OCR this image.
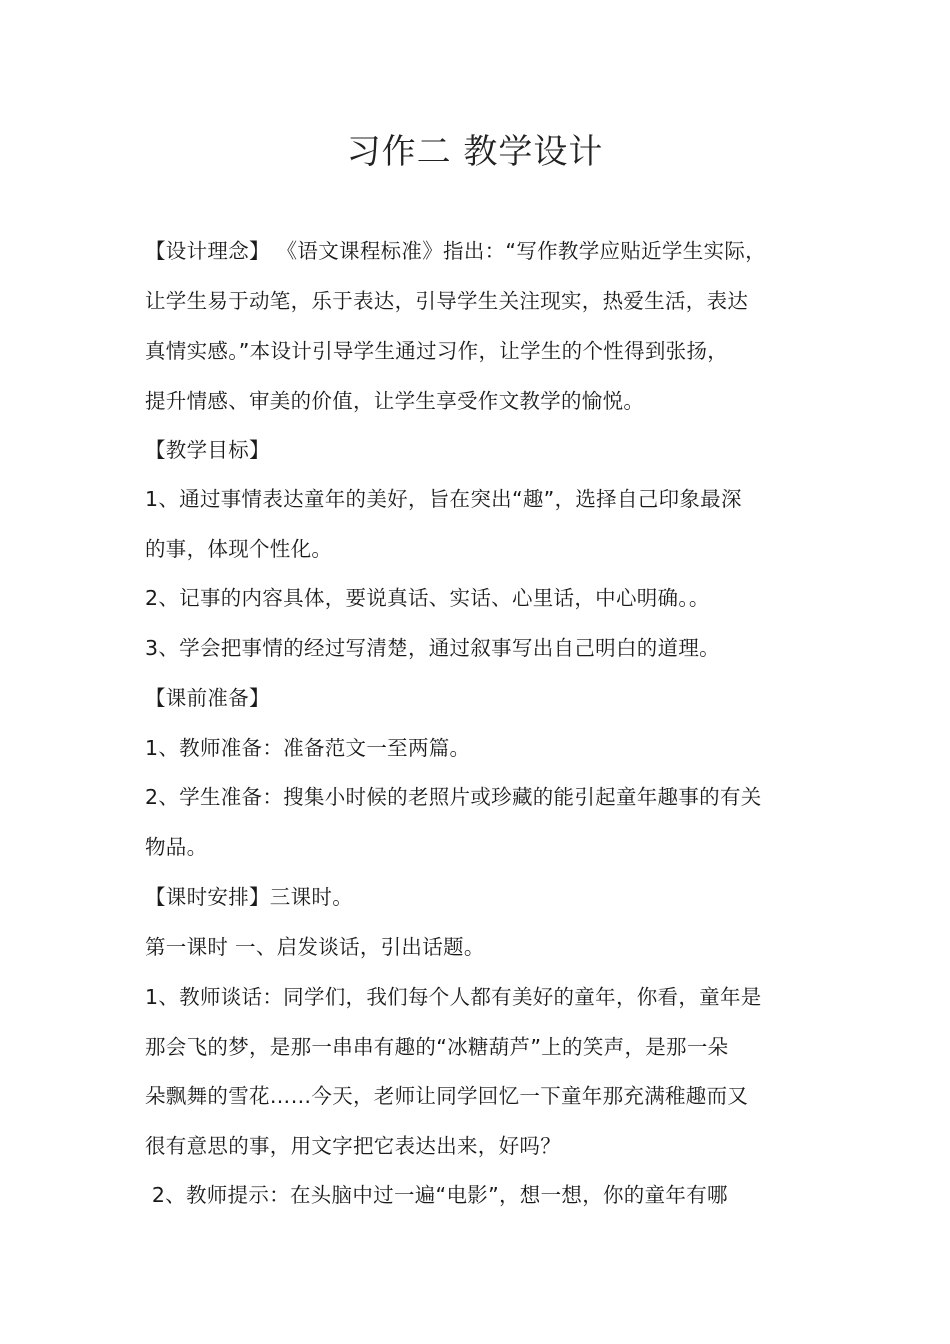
习作二 教学设计
【设计理念】 《语文课程标准》指出：“写作教学应贴近学生实际，
让学生易于动笔，乐于表达，引导学生关注现实，热爱生活，表达
真情实感。”本设计引导学生通过习作，让学生的个性得到张扬，
提升情感、审美的价值，让学生享受作文教学的愉悦。
【教学目标】
1、通过事情表达童年的美好，旨在突出“趣”，选择自己印象最深
的事，体现个性化。
2、记事的内容具体，要说真话、实话、心里话，中心明确。。
3、学会把事情的经过写清楚，通过叙事写出自己明白的道理。
【课前准备】
1、教师准备：准备范文一至两篇。
2、学生准备：搜集小时候的老照片或珍藏的能引起童年趣事的有关
物品。
【课时安排】三课时。
第一课时 一、启发谈话，引出话题。
1、教师谈话：同学们，我们每个人都有美好的童年，你看，童年是
那会飞的梦，是那一串串有趣的“冰糖葫芦”上的笑声，是那一朵
朵飘舞的雪花……今天，老师让同学回忆一下童年那充满稚趣而又
很有意思的事，用文字把它表达出来，好吗？
2、教师提示：在头脑中过一遍“电影”，想一想，你的童年有哪
